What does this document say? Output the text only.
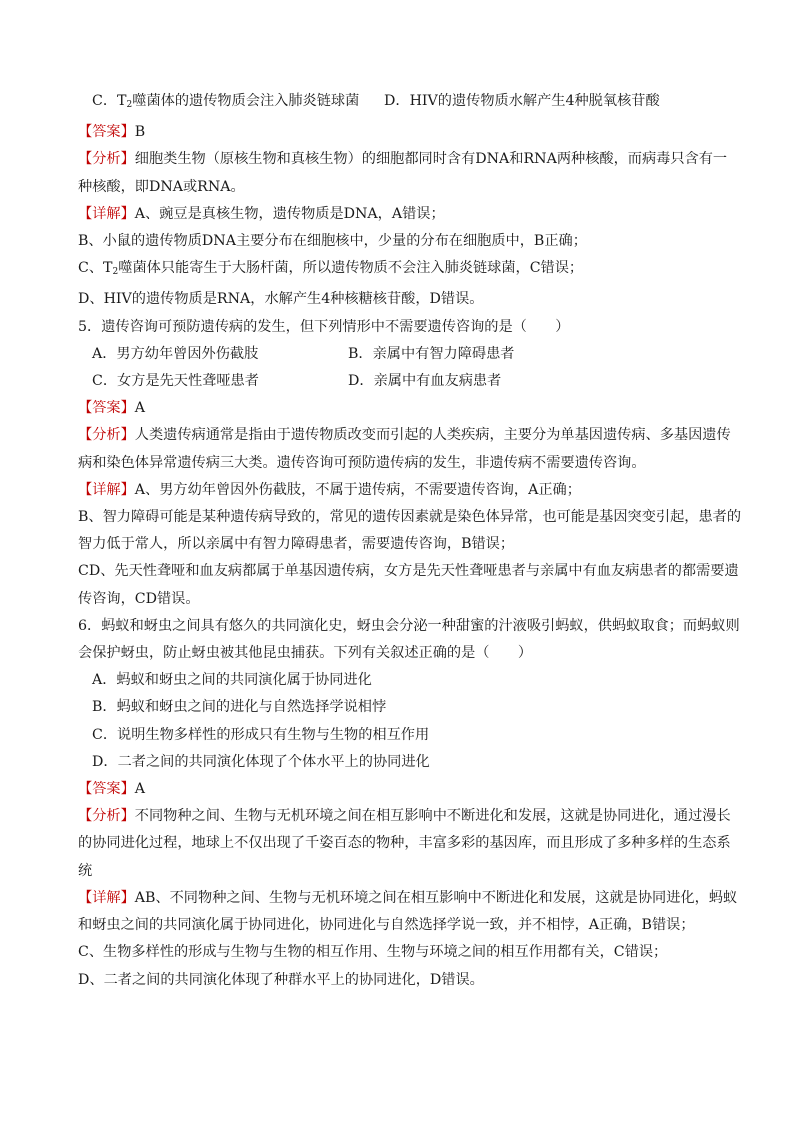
C．$T_2$噬菌体的遗传物质会注入肺炎链球菌	D．HIV的遗传物质水解产生4种脱氧核苷酸
【答案】B
【分析】细胞类生物（原核生物和真核生物）的细胞都同时含有DNA和RNA两种核酸，而病毒只含有一
种核酸，即DNA或RNA。
【详解】A、豌豆是真核生物，遗传物质是DNA，A错误；
B、小鼠的遗传物质DNA主要分布在细胞核中，少量的分布在细胞质中，B正确；
C、$T_2$噬菌体只能寄生于大肠杆菌，所以遗传物质不会注入肺炎链球菌，C错误；
D、HIV的遗传物质是RNA，水解产生4种核糖核苷酸，D错误。
5．遗传咨询可预防遗传病的发生，但下列情形中不需要遗传咨询的是（　　）
A．男方幼年曾因外伤截肢	B．亲属中有智力障碍患者
C．女方是先天性聋哑患者	D．亲属中有血友病患者
【答案】A
【分析】人类遗传病通常是指由于遗传物质改变而引起的人类疾病，主要分为单基因遗传病、多基因遗传
病和染色体异常遗传病三大类。遗传咨询可预防遗传病的发生，非遗传病不需要遗传咨询。
【详解】A、男方幼年曾因外伤截肢，不属于遗传病，不需要遗传咨询，A正确；
B、智力障碍可能是某种遗传病导致的，常见的遗传因素就是染色体异常，也可能是基因突变引起，患者的
智力低于常人，所以亲属中有智力障碍患者，需要遗传咨询，B错误；
CD、先天性聋哑和血友病都属于单基因遗传病，女方是先天性聋哑患者与亲属中有血友病患者的都需要遗
传咨询，CD错误。
6．蚂蚁和蚜虫之间具有悠久的共同演化史，蚜虫会分泌一种甜蜜的汁液吸引蚂蚁，供蚂蚁取食；而蚂蚁则
会保护蚜虫，防止蚜虫被其他昆虫捕获。下列有关叙述正确的是（　　）
A．蚂蚁和蚜虫之间的共同演化属于协同进化
B．蚂蚁和蚜虫之间的进化与自然选择学说相悖
C．说明生物多样性的形成只有生物与生物的相互作用
D．二者之间的共同演化体现了个体水平上的协同进化
【答案】A
【分析】不同物种之间、生物与无机环境之间在相互影响中不断进化和发展，这就是协同进化，通过漫长
的协同进化过程，地球上不仅出现了千姿百态的物种，丰富多彩的基因库，而且形成了多种多样的生态系
统
【详解】AB、不同物种之间、生物与无机环境之间在相互影响中不断进化和发展，这就是协同进化，蚂蚁
和蚜虫之间的共同演化属于协同进化，协同进化与自然选择学说一致，并不相悖，A正确，B错误；
C、生物多样性的形成与生物与生物的相互作用、生物与环境之间的相互作用都有关，C错误；
D、二者之间的共同演化体现了种群水平上的协同进化，D错误。
